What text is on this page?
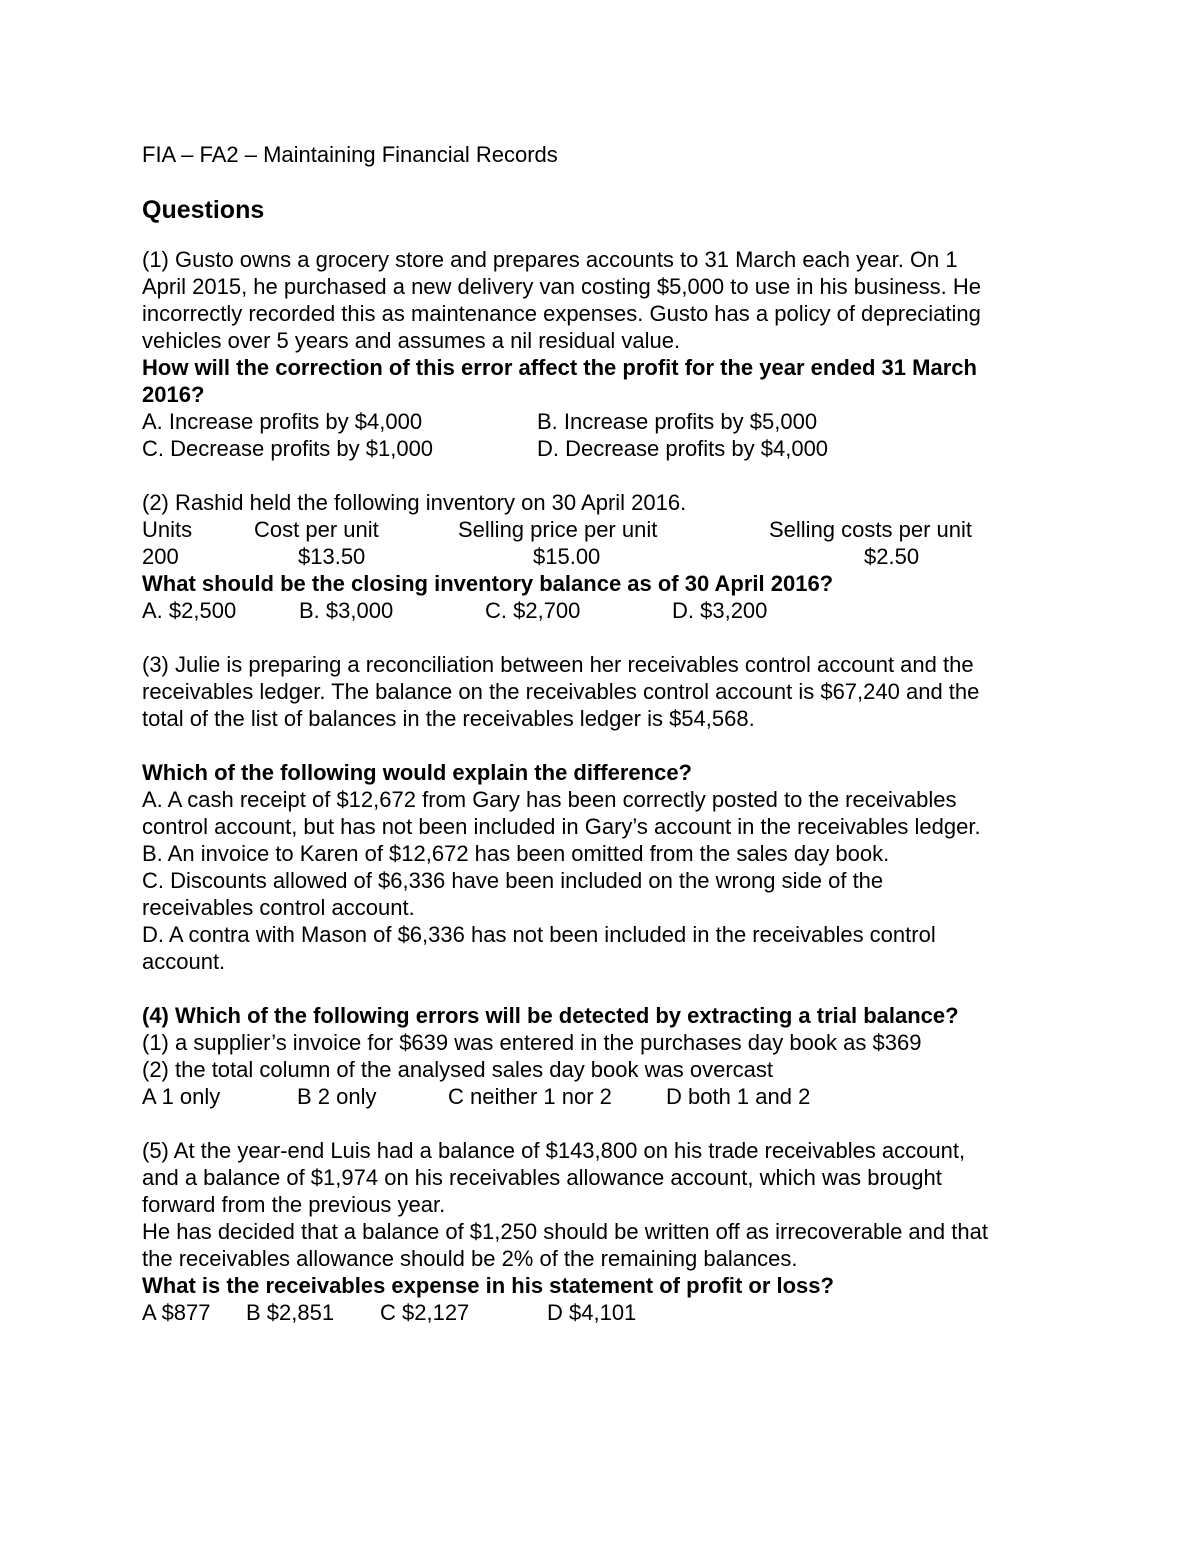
FIA – FA2 – Maintaining Financial Records
Questions
(1) Gusto owns a grocery store and prepares accounts to 31 March each year. On 1
April 2015, he purchased a new delivery van costing $5,000 to use in his business. He
incorrectly recorded this as maintenance expenses. Gusto has a policy of depreciating
vehicles over 5 years and assumes a nil residual value.
How will the correction of this error affect the profit for the year ended 31 March
2016?
A. Increase profits by $4,000	B. Increase profits by $5,000
C. Decrease profits by $1,000	D. Decrease profits by $4,000
(2) Rashid held the following inventory on 30 April 2016.
Units	Cost per unit	Selling price per unit	Selling costs per unit
200	$13.50	$15.00	$2.50
What should be the closing inventory balance as of 30 April 2016?
A. $2,500	B. $3,000	C. $2,700	D. $3,200
(3) Julie is preparing a reconciliation between her receivables control account and the
receivables ledger. The balance on the receivables control account is $67,240 and the
total of the list of balances in the receivables ledger is $54,568.
Which of the following would explain the difference?
A. A cash receipt of $12,672 from Gary has been correctly posted to the receivables
control account, but has not been included in Gary’s account in the receivables ledger.
B. An invoice to Karen of $12,672 has been omitted from the sales day book.
C. Discounts allowed of $6,336 have been included on the wrong side of the
receivables control account.
D. A contra with Mason of $6,336 has not been included in the receivables control
account.
(4) Which of the following errors will be detected by extracting a trial balance?
(1) a supplier’s invoice for $639 was entered in the purchases day book as $369
(2) the total column of the analysed sales day book was overcast
A 1 only	B 2 only	C neither 1 nor 2 D both 1 and 2
(5) At the year-end Luis had a balance of $143,800 on his trade receivables account,
and a balance of $1,974 on his receivables allowance account, which was brought
forward from the previous year.
He has decided that a balance of $1,250 should be written off as irrecoverable and that
the receivables allowance should be 2% of the remaining balances.
What is the receivables expense in his statement of profit or loss?
A $877 B $2,851 C $2,127	D $4,101
